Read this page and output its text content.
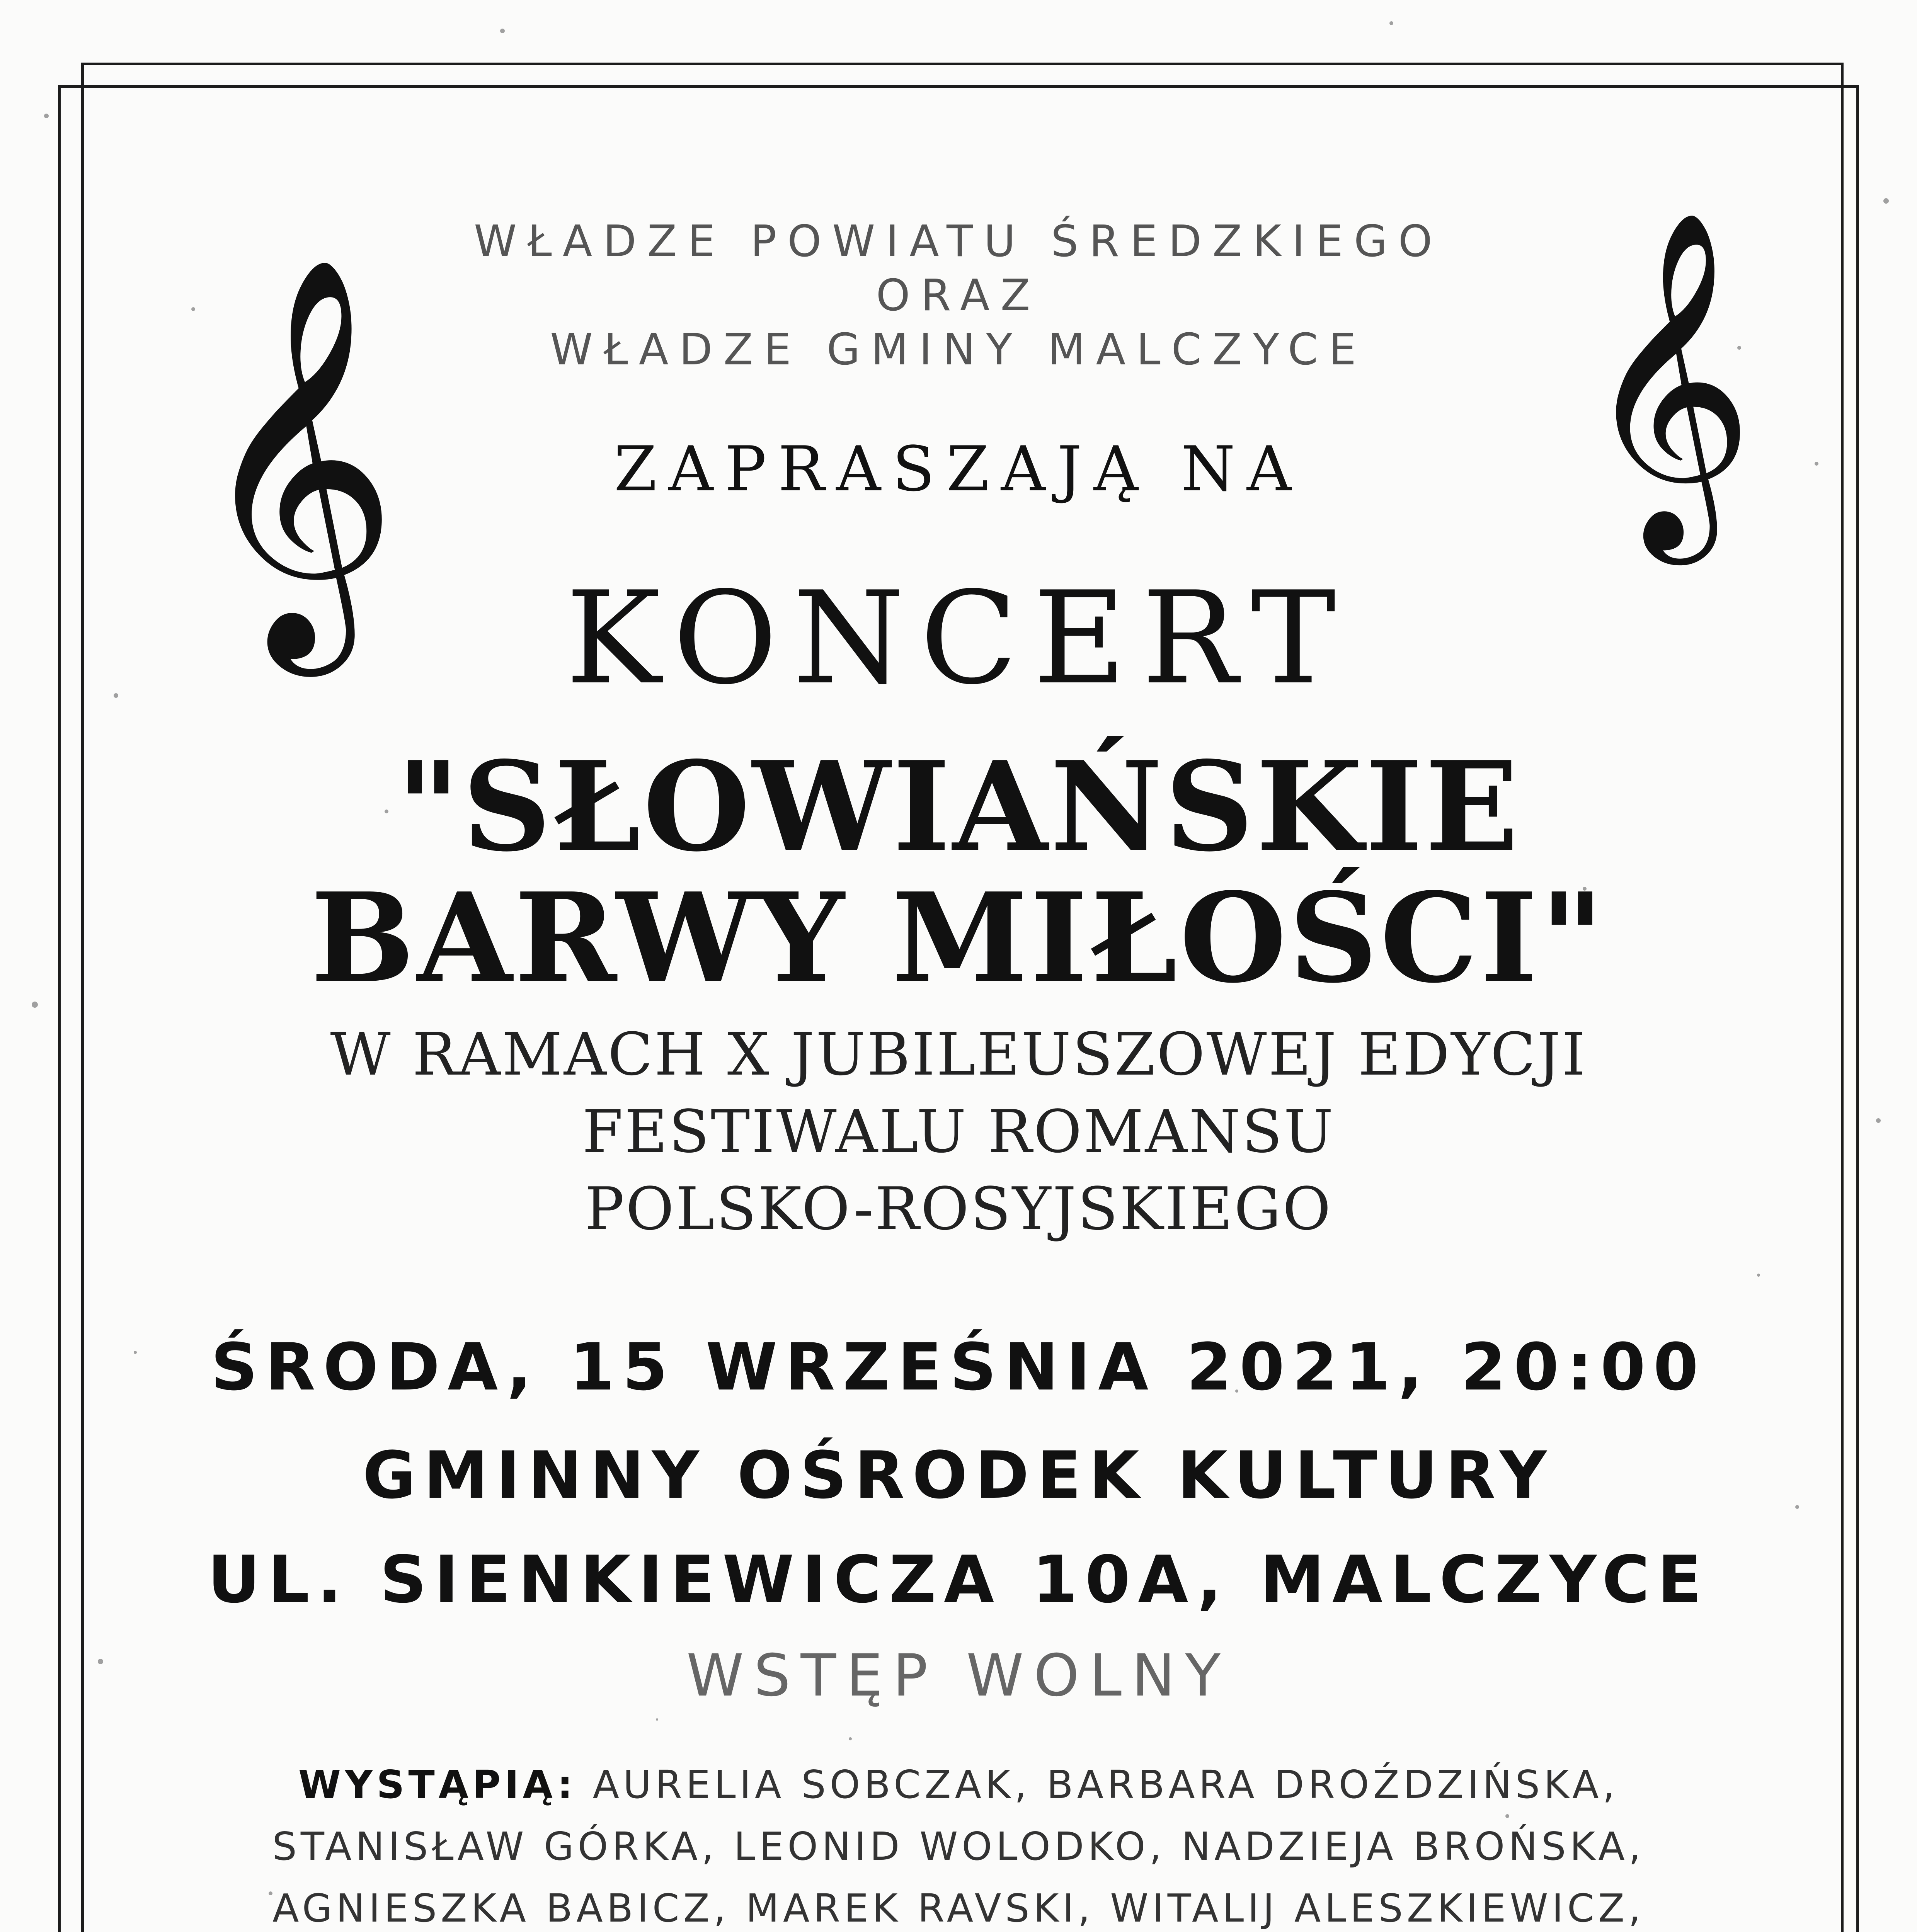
𝄞	𝄞
WŁADZE POWIATU ŚREDZKIEGO
ORAZ
WŁADZE GMINY MALCZYCE
ZAPRASZAJĄ NA
KONCERT
"SŁOWIAŃSKIE
BARWY MIŁOŚCI"
W RAMACH X JUBILEUSZOWEJ EDYCJI
FESTIWALU ROMANSU
POLSKO-ROSYJSKIEGO
ŚRODA, 15 WRZEŚNIA 2021, 20:00
GMINNY OŚRODEK KULTURY
UL. SIENKIEWICZA 10A, MALCZYCE
WSTĘP WOLNY
WYSTĄPIĄ: AURELIA SOBCZAK, BARBARA DROŹDZIŃSKA,
STANISŁAW GÓRKA, LEONID WOLODKO, NADZIEJA BROŃSKA,
AGNIESZKA BABICZ, MAREK RAVSKI, WITALIJ ALESZKIEWICZ,
